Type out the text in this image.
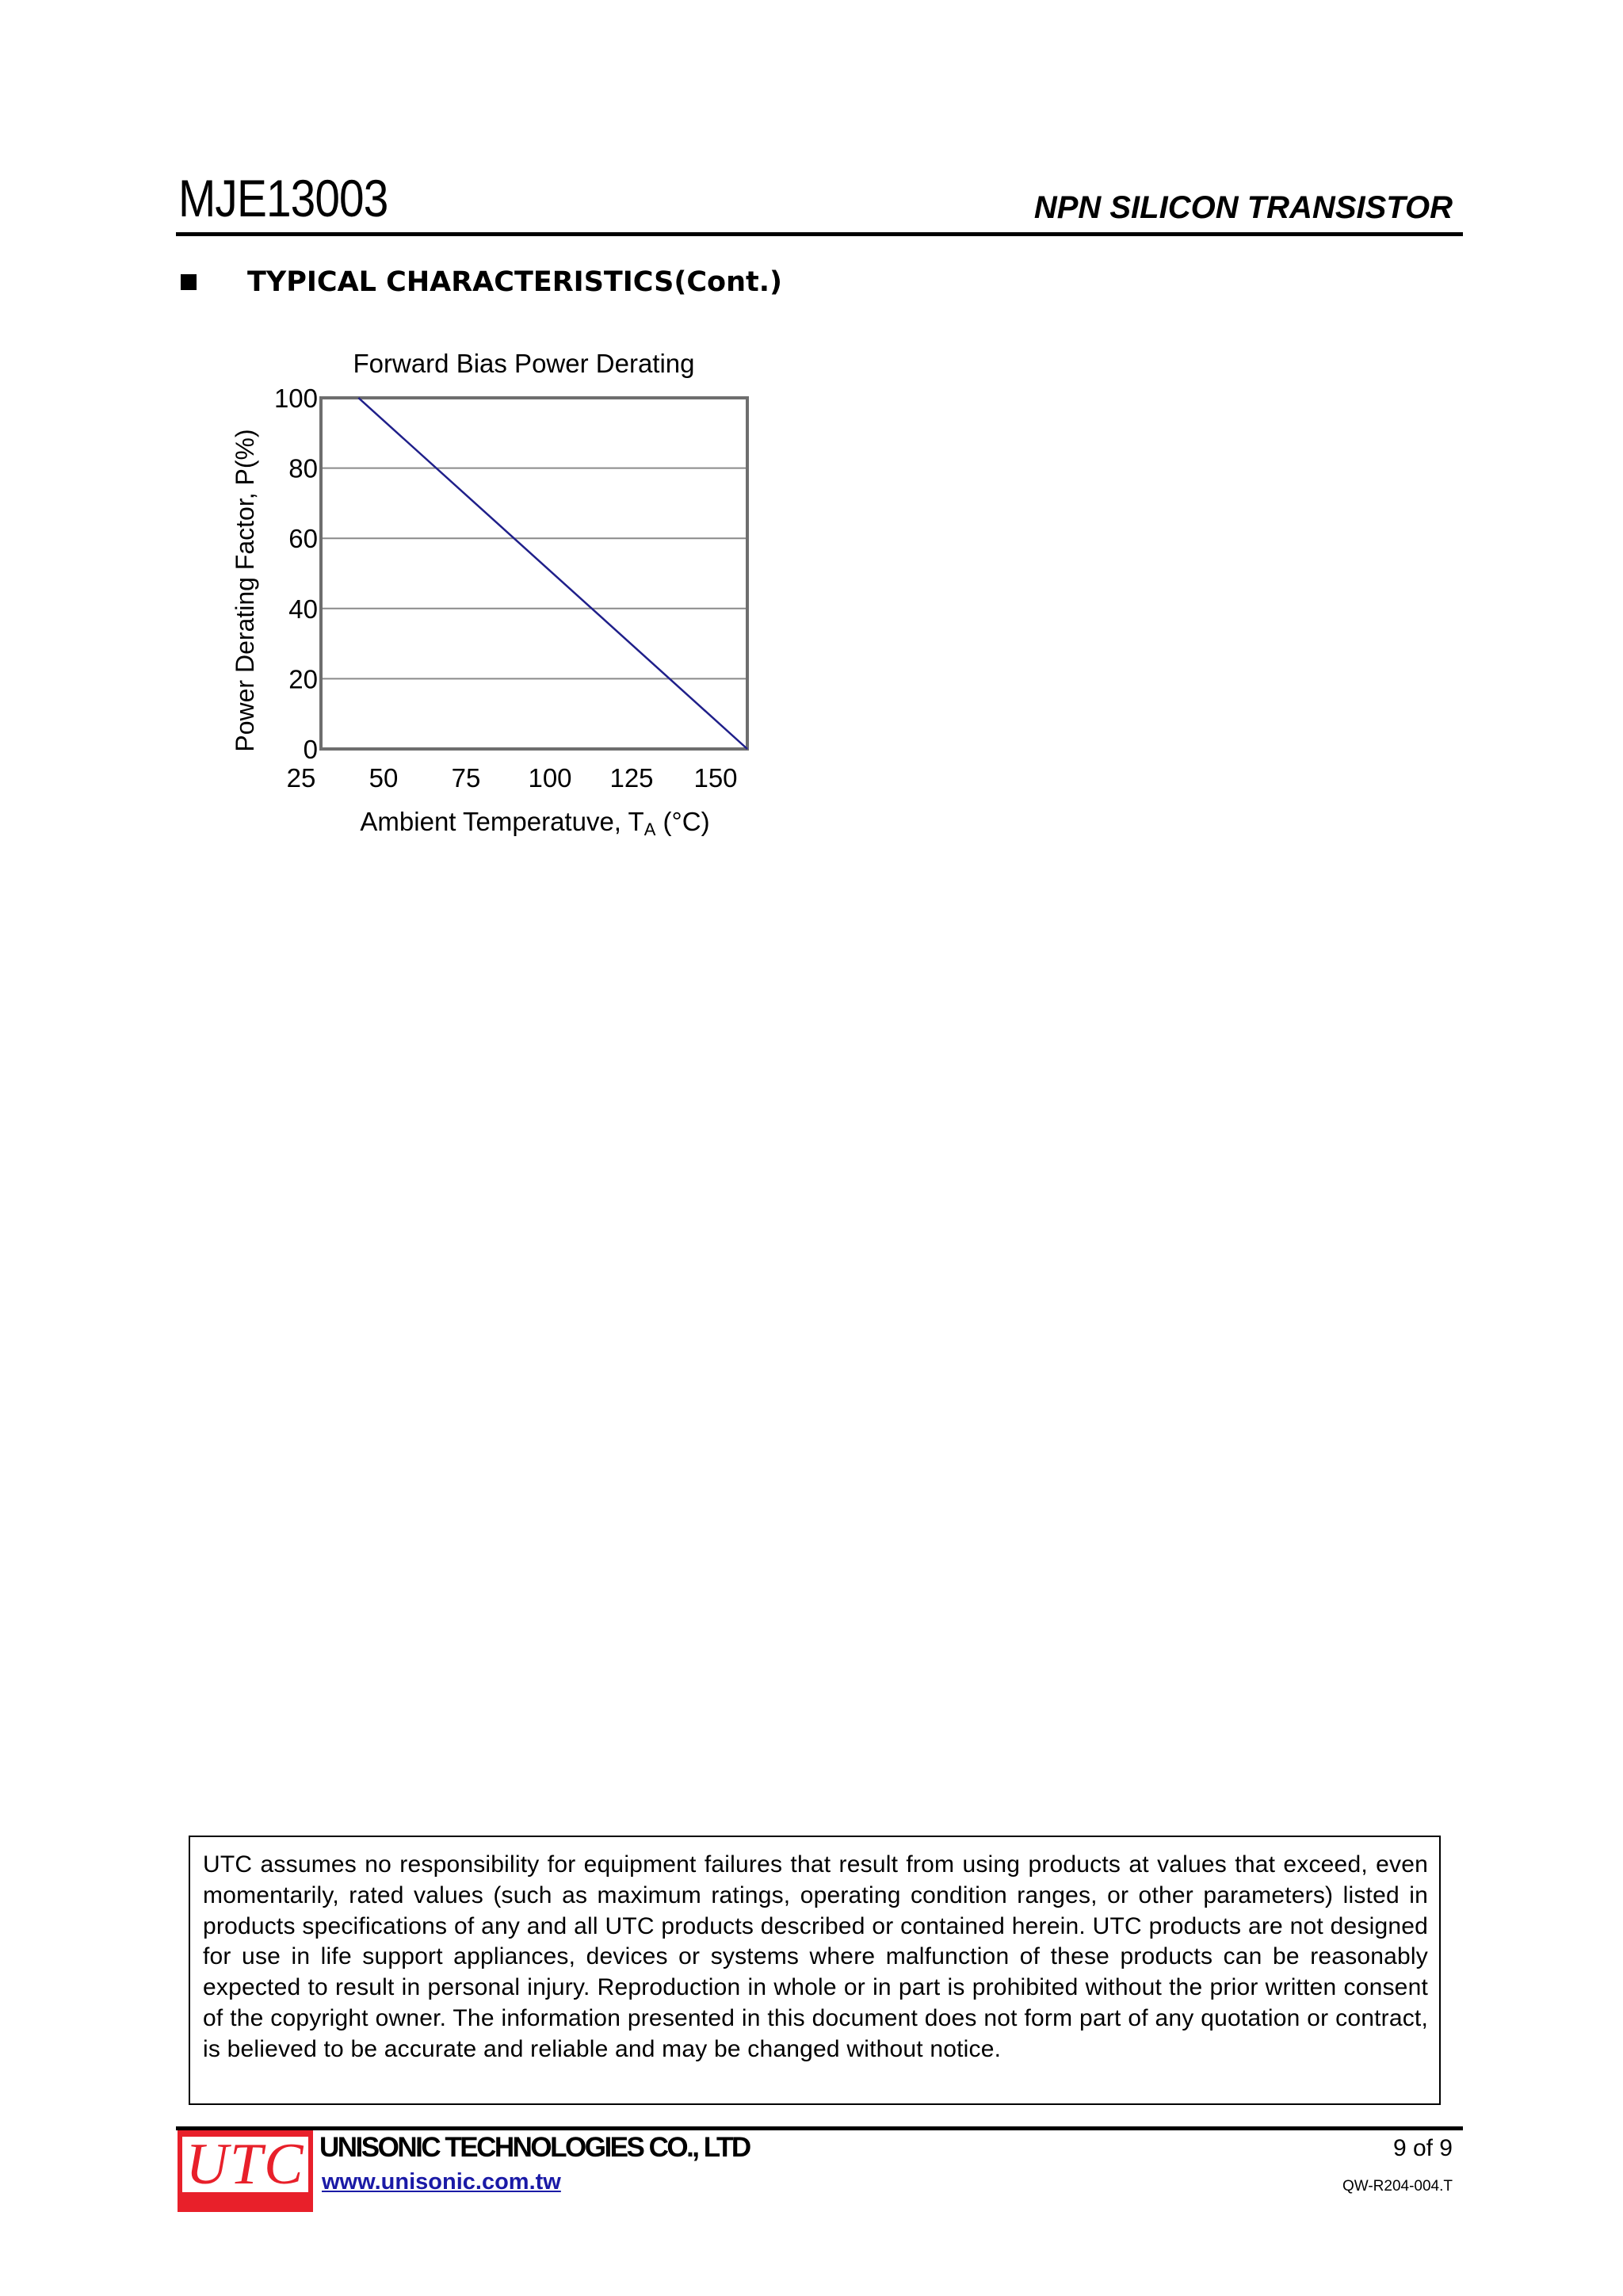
MJE13003	NPN SILICON TRANSISTOR
TYPICAL CHARACTERISTICS(Cont.)
Forward Bias Power Derating
Power Derating Factor, P(%)
100
80
60
40
20
0
25 50 75 100 125 150
Ambient Temperatuve, TA (°C)

UTC assumes no responsibility for equipment failures that result from using products at values that exceed, even momentarily, rated values (such as maximum ratings, operating condition ranges, or other parameters) listed in products specifications of any and all UTC products described or contained herein. UTC products are not designed for use in life support appliances, devices or systems where malfunction of these products can be reasonably expected to result in personal injury. Reproduction in whole or in part is prohibited without the prior written consent of the copyright owner. The information presented in this document does not form part of any quotation or contract, is believed to be accurate and reliable and may be changed without notice.

UTC UNISONIC TECHNOLOGIES CO., LTD
www.unisonic.com.tw
9 of 9
QW-R204-004.T
